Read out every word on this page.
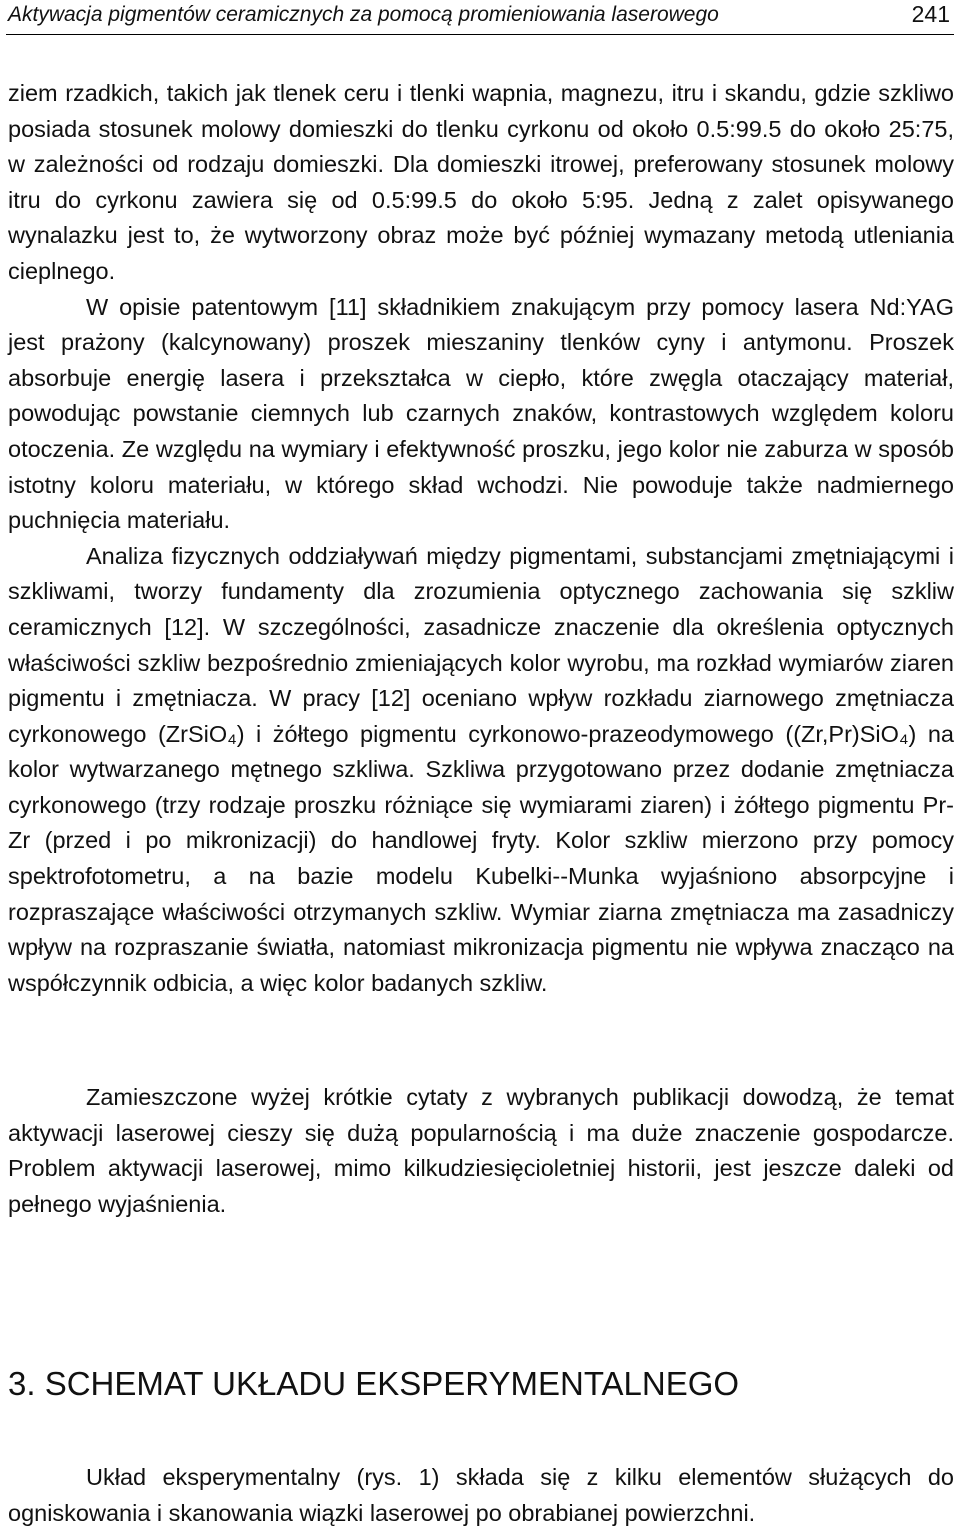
Aktywacja pigmentów ceramicznych za pomocą promieniowania laserowego	241

ziem rzadkich, takich jak tlenek ceru i tlenki wapnia, magnezu, itru i skandu, gdzie szkliwo posiada stosunek molowy domieszki do tlenku cyrkonu od około 0.5:99.5 do około 25:75, w zależności od rodzaju domieszki. Dla domieszki itrowej, preferowany stosunek molowy itru do cyrkonu zawiera się od 0.5:99.5 do około 5:95. Jedną z zalet opisywanego wynalazku jest to, że wytworzony obraz może być później wymazany metodą utleniania cieplnego.

W opisie patentowym [11] składnikiem znakującym przy pomocy lasera Nd:YAG jest prażony (kalcynowany) proszek mieszaniny tlenków cyny i antymonu. Proszek absorbuje energię lasera i przekształca w ciepło, które zwęgla otaczający materiał, powodując powstanie ciemnych lub czarnych znaków, kontrastowych względem koloru otoczenia. Ze względu na wymiary i efektywność proszku, jego kolor nie zaburza w sposób istotny koloru materiału, w którego skład wchodzi. Nie powoduje także nadmiernego puchnięcia materiału.

Analiza fizycznych oddziaływań między pigmentami, substancjami zmętniającymi i szkliwami, tworzy fundamenty dla zrozumienia optycznego zachowania się szkliw ceramicznych [12]. W szczególności, zasadnicze znaczenie dla określenia optycznych właściwości szkliw bezpośrednio zmieniających kolor wyrobu, ma rozkład wymiarów ziaren pigmentu i zmętniacza. W pracy [12] oceniano wpływ rozkładu ziarnowego zmętniacza cyrkonowego (ZrSiO₄) i żółtego pigmentu cyrkonowo-prazeodymowego ((Zr,Pr)SiO₄) na kolor wytwarzanego mętnego szkliwa. Szkliwa przygotowano przez dodanie zmętniacza cyrkonowego (trzy rodzaje proszku różniące się wymiarami ziaren) i żółtego pigmentu Pr-Zr (przed i po mikronizacji) do handlowej fryty. Kolor szkliw mierzono przy pomocy spektrofotometru, a na bazie modelu Kubelki-⁠-Munka wyjaśniono absorpcyjne i rozpraszające właściwości otrzymanych szkliw. Wymiar ziarna zmętniacza ma zasadniczy wpływ na rozpraszanie światła, natomiast mikronizacja pigmentu nie wpływa znacząco na współczynnik odbicia, a więc kolor badanych szkliw.

Zamieszczone wyżej krótkie cytaty z wybranych publikacji dowodzą, że temat aktywacji laserowej cieszy się dużą popularnością i ma duże znaczenie gospodarcze. Problem aktywacji laserowej, mimo kilkudziesięcioletniej historii, jest jeszcze daleki od pełnego wyjaśnienia.

3. SCHEMAT UKŁADU EKSPERYMENTALNEGO

Układ eksperymentalny (rys. 1) składa się z kilku elementów służących do ogniskowania i skanowania wiązki laserowej po obrabianej powierzchni.
